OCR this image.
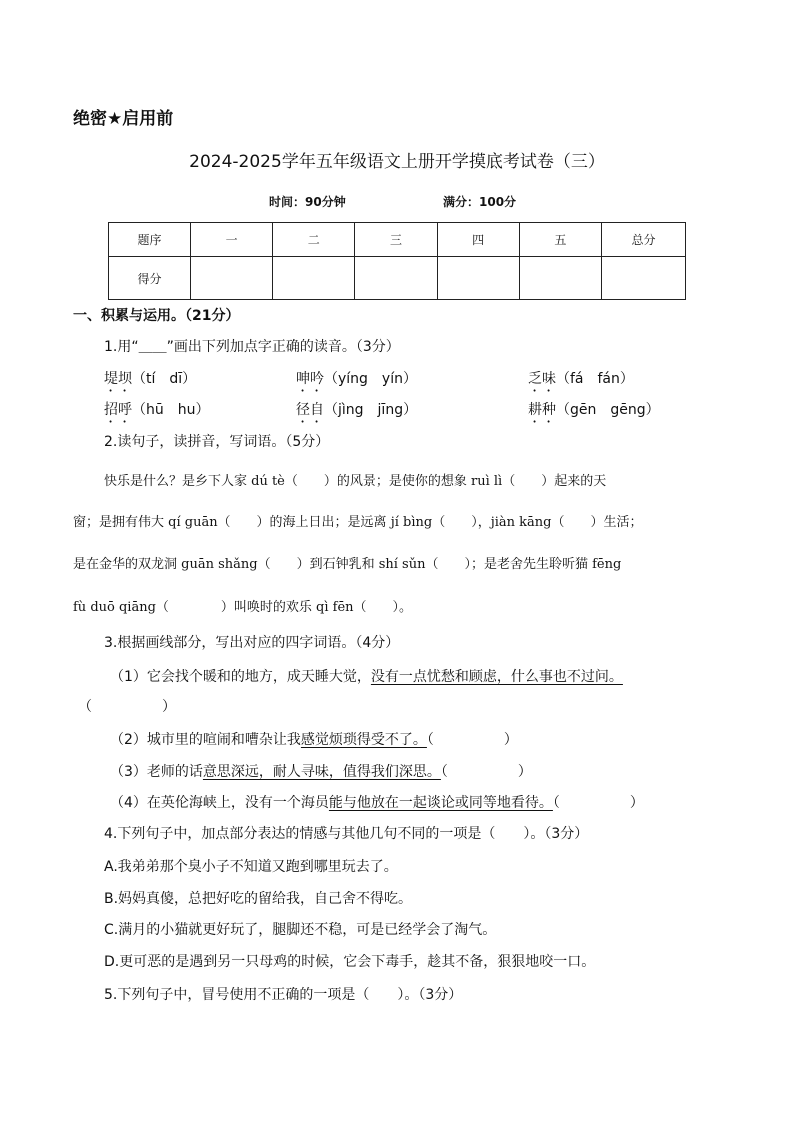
绝密★启用前
2024-2025学年五年级语文上册开学摸底考试卷（三）
时间：90分钟	满分：100分
题序	一	二	三	四	五	总分
得分						
一、积累与运用。（21分）
1.用“＿＿”画出下列加点字正确的读音。（3分）
堤坝（tí　dī）	呻吟（yíng　yín）	乏味（fá　fán）
招呼（hū　hu）	径自（jìng　jīng）	耕种（gēn　gēng）
2.读句子，读拼音，写词语。（5分）
快乐是什么？是乡下人家 dú tè（　　）的风景；是使你的想象 ruì lì（　　）起来的天
窗；是拥有伟大 qí guān（　　）的海上日出；是远离 jí bìng（　　），jiàn kāng（　　）生活；
是在金华的双龙洞 guān shǎng（　　）到石钟乳和 shí sǔn（　　）；是老舍先生聆听猫 fēng
fù duō qiāng（　　　　）叫唤时的欢乐 qì fēn（　　）。
3.根据画线部分，写出对应的四字词语。（4分）
（1）它会找个暖和的地方，成天睡大觉，没有一点忧愁和顾虑，什么事也不过问。
（　　　　　）
（2）城市里的喧闹和嘈杂让我感觉烦琐得受不了。（　　　　　）
（3）老师的话意思深远，耐人寻味，值得我们深思。（　　　　　）
（4）在英伦海峡上，没有一个海员能与他放在一起谈论或同等地看待。（　　　　　）
4.下列句子中，加点部分表达的情感与其他几句不同的一项是（　　）。（3分）
A.我弟弟那个臭小子不知道又跑到哪里玩去了。
B.妈妈真傻，总把好吃的留给我，自己舍不得吃。
C.满月的小猫就更好玩了，腿脚还不稳，可是已经学会了淘气。
D.更可恶的是遇到另一只母鸡的时候，它会下毒手，趁其不备，狠狠地咬一口。
5.下列句子中，冒号使用不正确的一项是（　　）。（3分）
